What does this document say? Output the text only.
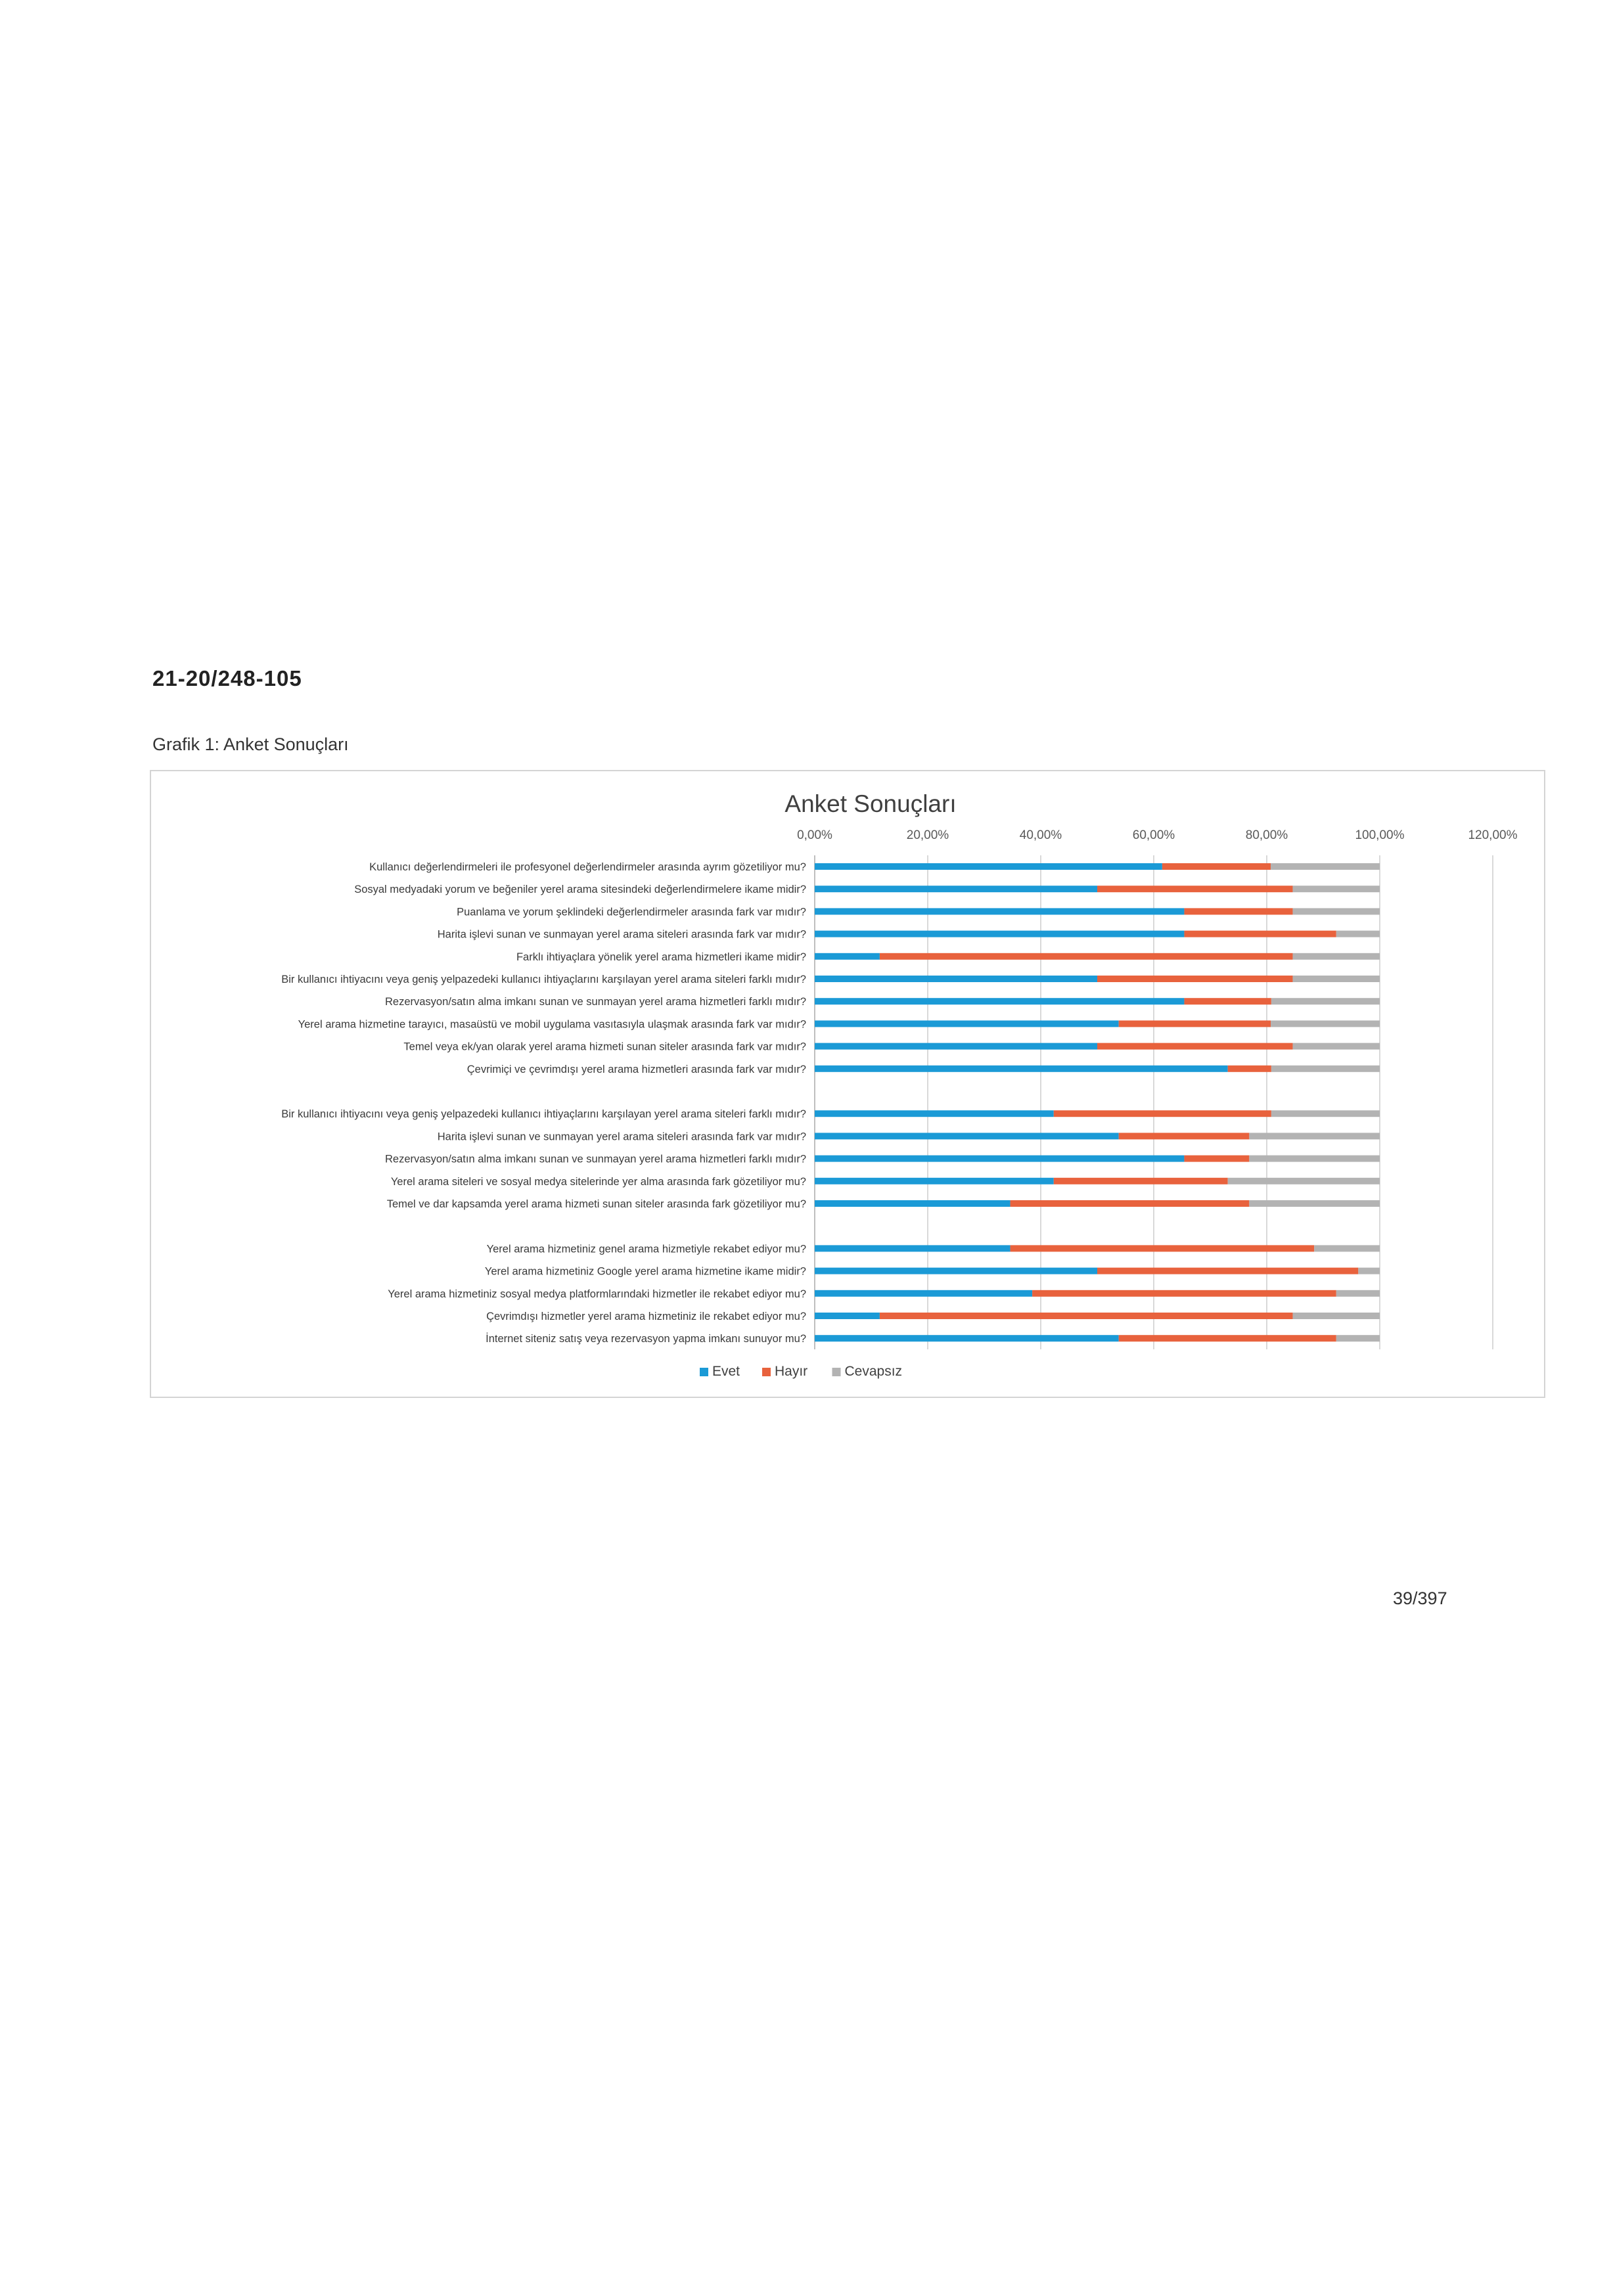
21-20/248-105
Grafik 1: Anket Sonuçları
Anket Sonuçları
0,00%	20,00%	40,00%	60,00%	80,00%	100,00%	120,00%
Kullanıcı değerlendirmeleri ile profesyonel değerlendirmeler arasında ayrım gözetiliyor mu?
Sosyal medyadaki yorum ve beğeniler yerel arama sitesindeki değerlendirmelere ikame midir?
Puanlama ve yorum şeklindeki değerlendirmeler arasında fark var mıdır?
Harita işlevi sunan ve sunmayan yerel arama siteleri arasında fark var mıdır?
Farklı ihtiyaçlara yönelik yerel arama hizmetleri ikame midir?
Bir kullanıcı ihtiyacını veya geniş yelpazedeki kullanıcı ihtiyaçlarını karşılayan yerel arama siteleri farklı mıdır?
Rezervasyon/satın alma imkanı sunan ve sunmayan yerel arama hizmetleri farklı mıdır?
Yerel arama hizmetine tarayıcı, masaüstü ve mobil uygulama vasıtasıyla ulaşmak arasında fark var mıdır?
Temel veya ek/yan olarak yerel arama hizmeti sunan siteler arasında fark var mıdır?
Çevrimiçi ve çevrimdışı yerel arama hizmetleri arasında fark var mıdır?
Bir kullanıcı ihtiyacını veya geniş yelpazedeki kullanıcı ihtiyaçlarını karşılayan yerel arama siteleri farklı mıdır?
Harita işlevi sunan ve sunmayan yerel arama siteleri arasında fark var mıdır?
Rezervasyon/satın alma imkanı sunan ve sunmayan yerel arama hizmetleri farklı mıdır?
Yerel arama siteleri ve sosyal medya sitelerinde yer alma arasında fark gözetiliyor mu?
Temel ve dar kapsamda yerel arama hizmeti sunan siteler arasında fark gözetiliyor mu?
Yerel arama hizmetiniz genel arama hizmetiyle rekabet ediyor mu?
Yerel arama hizmetiniz Google yerel arama hizmetine ikame midir?
Yerel arama hizmetiniz sosyal medya platformlarındaki hizmetler ile rekabet ediyor mu?
Çevrimdışı hizmetler yerel arama hizmetiniz ile rekabet ediyor mu?
İnternet siteniz satış veya rezervasyon yapma imkanı sunuyor mu?
Evet	Hayır	Cevapsız
39/397
